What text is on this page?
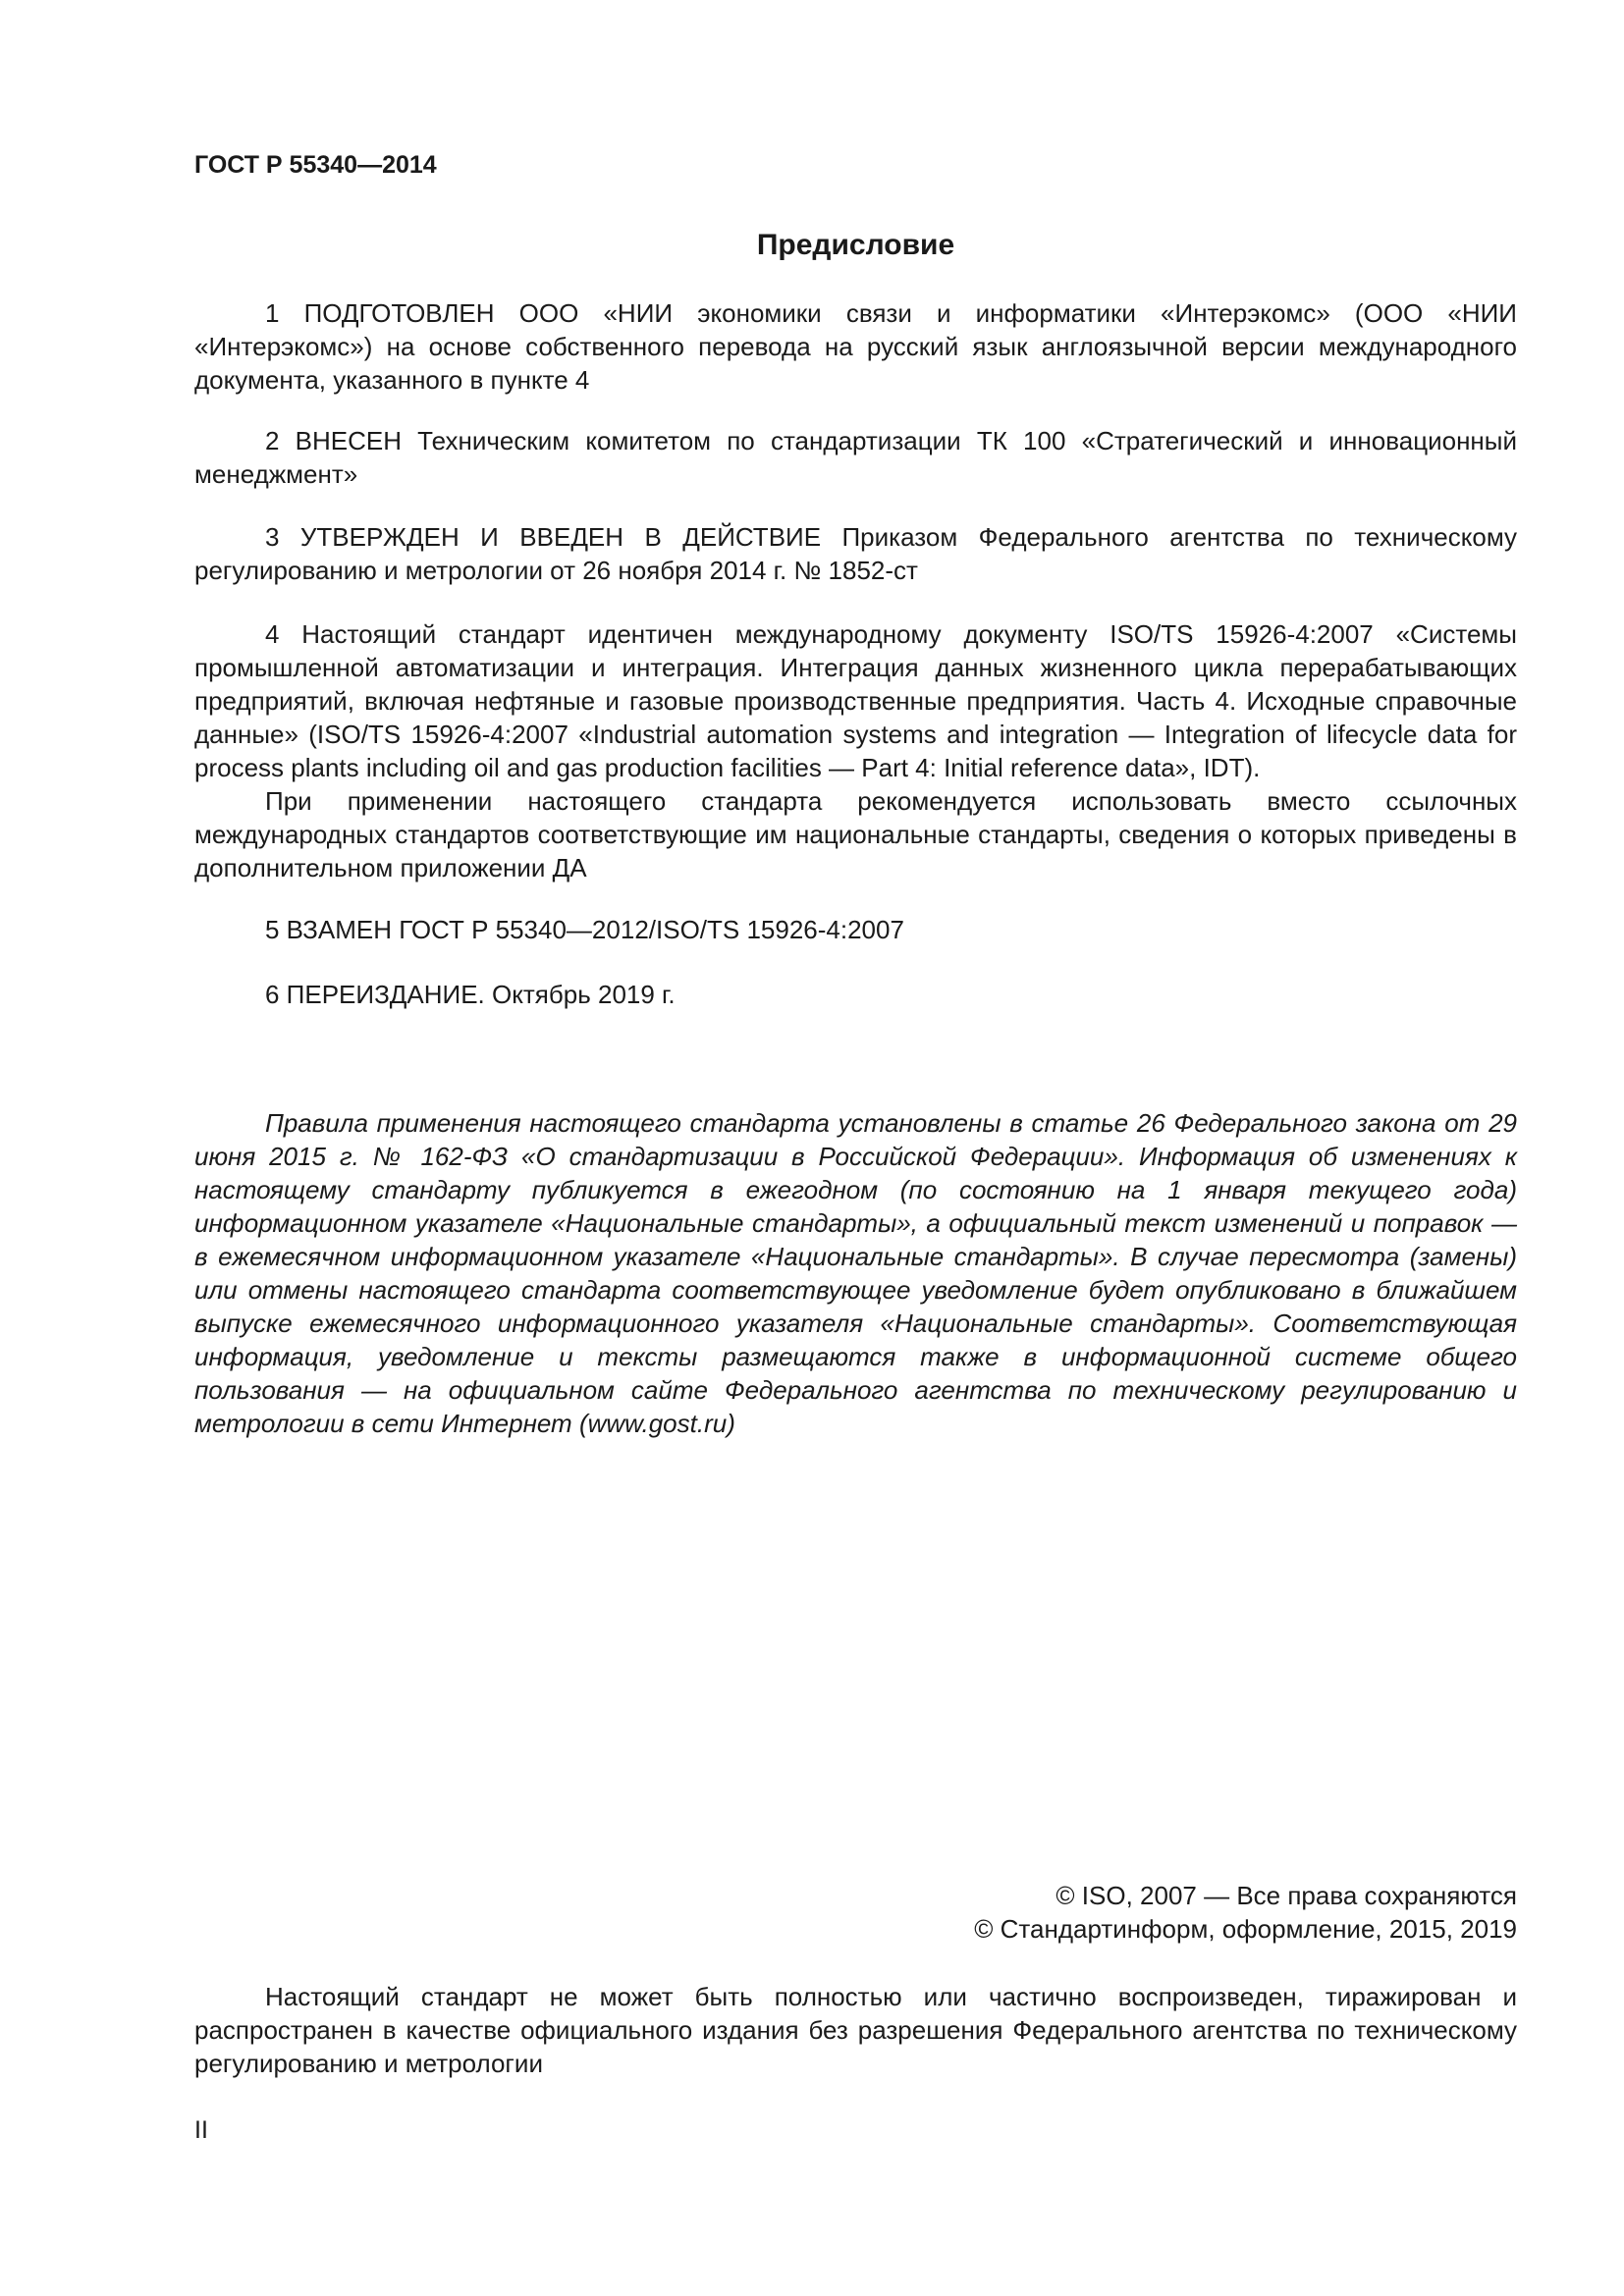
ГОСТ Р 55340—2014
Предисловие

1 ПОДГОТОВЛЕН ООО «НИИ экономики связи и информатики «Интерэкомс» (ООО «НИИ «Интерэкомс») на основе собственного перевода на русский язык англоязычной версии международного документа, указанного в пункте 4

2 ВНЕСЕН Техническим комитетом по стандартизации ТК 100 «Стратегический и инновационный менеджмент»

3 УТВЕРЖДЕН И ВВЕДЕН В ДЕЙСТВИЕ Приказом Федерального агентства по техническому регулированию и метрологии от 26 ноября 2014 г. № 1852-ст

4 Настоящий стандарт идентичен международному документу ISO/TS 15926-4:2007 «Системы промышленной автоматизации и интеграция. Интеграция данных жизненного цикла перерабатывающих предприятий, включая нефтяные и газовые производственные предприятия. Часть 4. Исходные справочные данные» (ISO/TS 15926-4:2007 «Industrial automation systems and integration — Integration of lifecycle data for process plants including oil and gas production facilities — Part 4: Initial reference data», IDT).

При применении настоящего стандарта рекомендуется использовать вместо ссылочных международных стандартов соответствующие им национальные стандарты, сведения о которых приведены в дополнительном приложении ДА

5 ВЗАМЕН ГОСТ Р 55340—2012/ISO/TS 15926-4:2007

6 ПЕРЕИЗДАНИЕ. Октябрь 2019 г.

Правила применения настоящего стандарта установлены в статье 26 Федерального закона от 29 июня 2015 г. № 162-ФЗ «О стандартизации в Российской Федерации». Информация об изменениях к настоящему стандарту публикуется в ежегодном (по состоянию на 1 января текущего года) информационном указателе «Национальные стандарты», а официальный текст изменений и поправок — в ежемесячном информационном указателе «Национальные стандарты». В случае пересмотра (замены) или отмены настоящего стандарта соответствующее уведомление будет опубликовано в ближайшем выпуске ежемесячного информационного указателя «Национальные стандарты». Соответствующая информация, уведомление и тексты размещаются также в информационной системе общего пользования — на официальном сайте Федерального агентства по техническому регулированию и метрологии в сети Интернет (www.gost.ru)

© ISO, 2007 — Все права сохраняются
© Стандартинформ, оформление, 2015, 2019

Настоящий стандарт не может быть полностью или частично воспроизведен, тиражирован и распространен в качестве официального издания без разрешения Федерального агентства по техническому регулированию и метрологии

II
